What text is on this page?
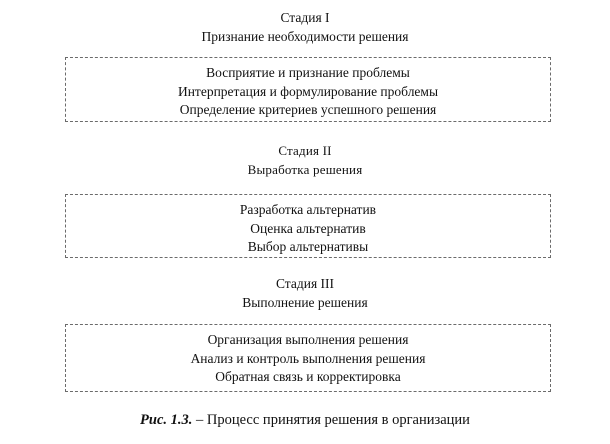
Стадия I
Признание необходимости решения
Восприятие и признание проблемы
Интерпретация и формулирование проблемы
Определение критериев успешного решения
Стадия II
Выработка решения
Разработка альтернатив
Оценка альтернатив
Выбор альтернативы
Стадия III
Выполнение решения
Организация выполнения решения
Анализ и контроль выполнения решения
Обратная связь и корректировка
Рис. 1.3. – Процесс принятия решения в организации
